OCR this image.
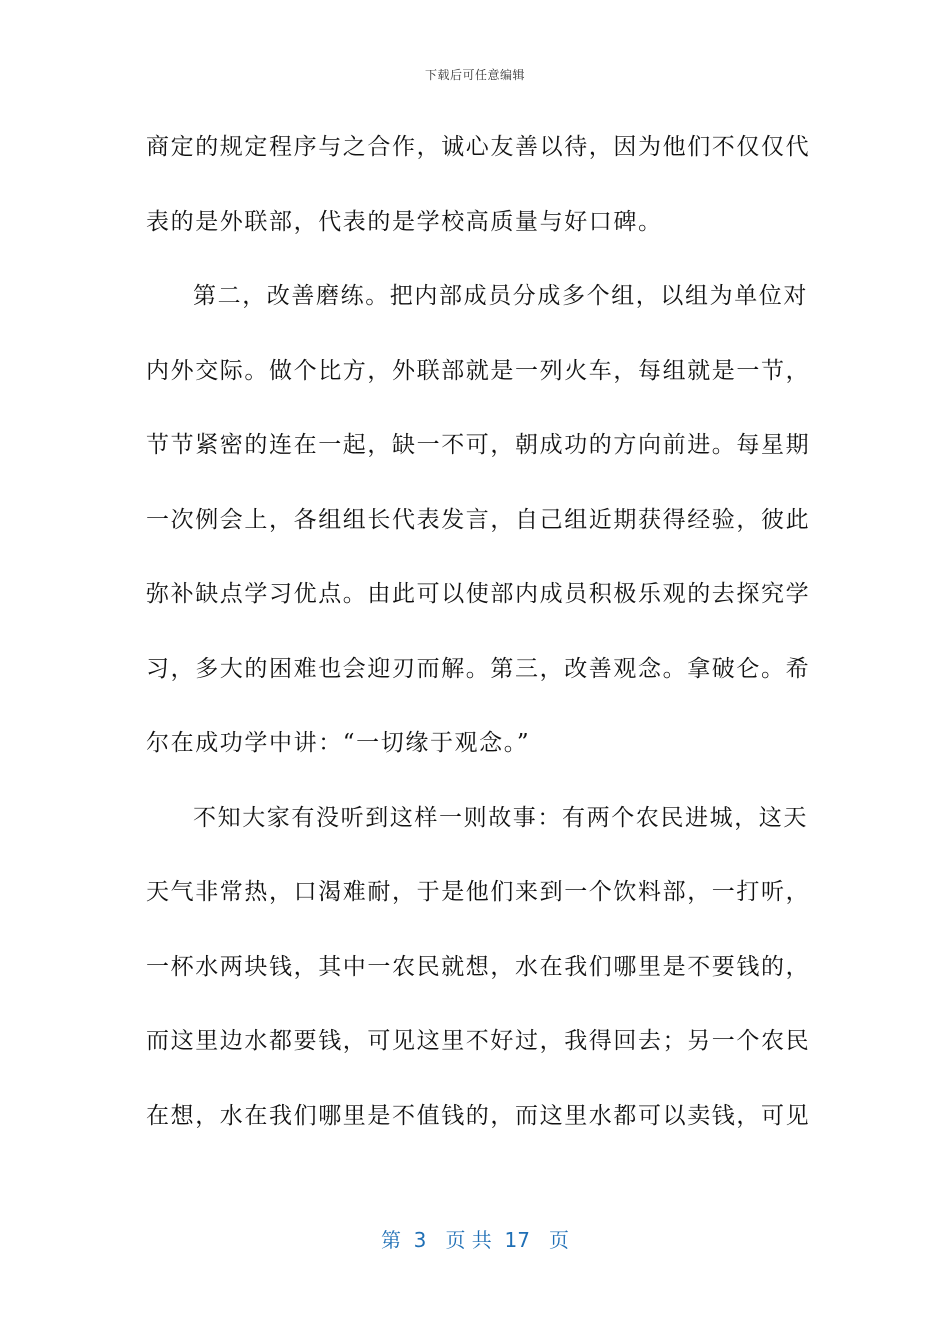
下载后可任意编辑
商定的规定程序与之合作，诚心友善以待，因为他们不仅仅代
表的是外联部，代表的是学校高质量与好口碑。
第二，改善磨练。把内部成员分成多个组，以组为单位对
内外交际。做个比方，外联部就是一列火车，每组就是一节，
节节紧密的连在一起，缺一不可，朝成功的方向前进。每星期
一次例会上，各组组长代表发言，自己组近期获得经验，彼此
弥补缺点学习优点。由此可以使部内成员积极乐观的去探究学
习，多大的困难也会迎刃而解。第三，改善观念。拿破仑。希
尔在成功学中讲：“一切缘于观念。”
不知大家有没听到这样一则故事：有两个农民进城，这天
天气非常热，口渴难耐，于是他们来到一个饮料部，一打听，
一杯水两块钱，其中一农民就想，水在我们哪里是不要钱的，
而这里边水都要钱，可见这里不好过，我得回去；另一个农民
在想，水在我们哪里是不值钱的，而这里水都可以卖钱，可见
第  3   页 共  17   页
